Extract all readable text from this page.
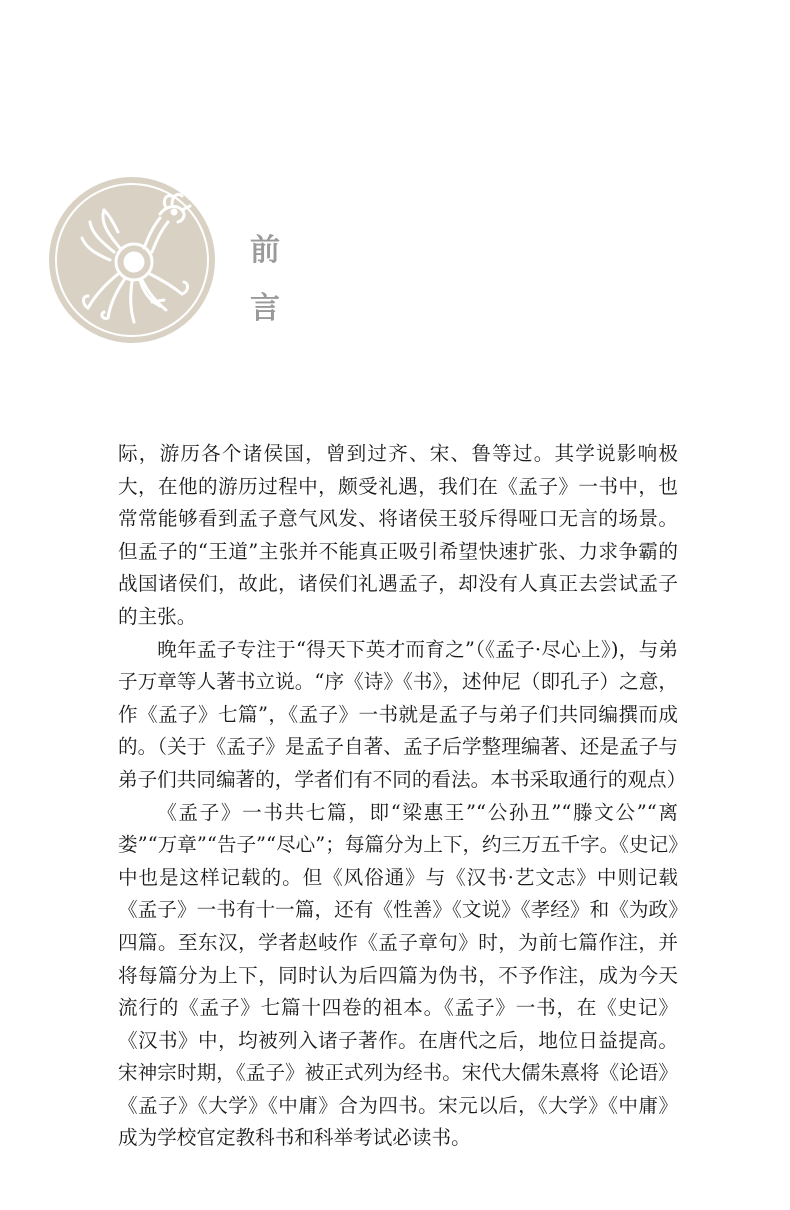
前
言

际，游历各个诸侯国，曾到过齐、宋、鲁等过。其学说影响极大，在他的游历过程中，颇受礼遇，我们在《孟子》一书中，也常常能够看到孟子意气风发、将诸侯王驳斥得哑口无言的场景。但孟子的“王道”主张并不能真正吸引希望快速扩张、力求争霸的战国诸侯们，故此，诸侯们礼遇孟子，却没有人真正去尝试孟子的主张。

晚年孟子专注于“得天下英才而育之”（《孟子·尽心上》)，与弟子万章等人著书立说。“序《诗》《书》，述仲尼（即孔子）之意，作《孟子》七篇”，《孟子》一书就是孟子与弟子们共同编撰而成的。（关于《孟子》是孟子自著、孟子后学整理编著、还是孟子与弟子们共同编著的，学者们有不同的看法。本书采取通行的观点）

《孟子》一书共七篇，即“梁惠王”“公孙丑”“滕文公”“离娄”“万章”“告子”“尽心”；每篇分为上下，约三万五千字。《史记》中也是这样记载的。但《风俗通》与《汉书·艺文志》中则记载《孟子》一书有十一篇，还有《性善》《文说》《孝经》和《为政》四篇。至东汉，学者赵岐作《孟子章句》时，为前七篇作注，并将每篇分为上下，同时认为后四篇为伪书，不予作注，成为今天流行的《孟子》七篇十四卷的祖本。《孟子》一书，在《史记》《汉书》中，均被列入诸子著作。在唐代之后，地位日益提高。宋神宗时期，《孟子》被正式列为经书。宋代大儒朱熹将《论语》《孟子》《大学》《中庸》合为四书。宋元以后，《大学》《中庸》成为学校官定教科书和科举考试必读书。
